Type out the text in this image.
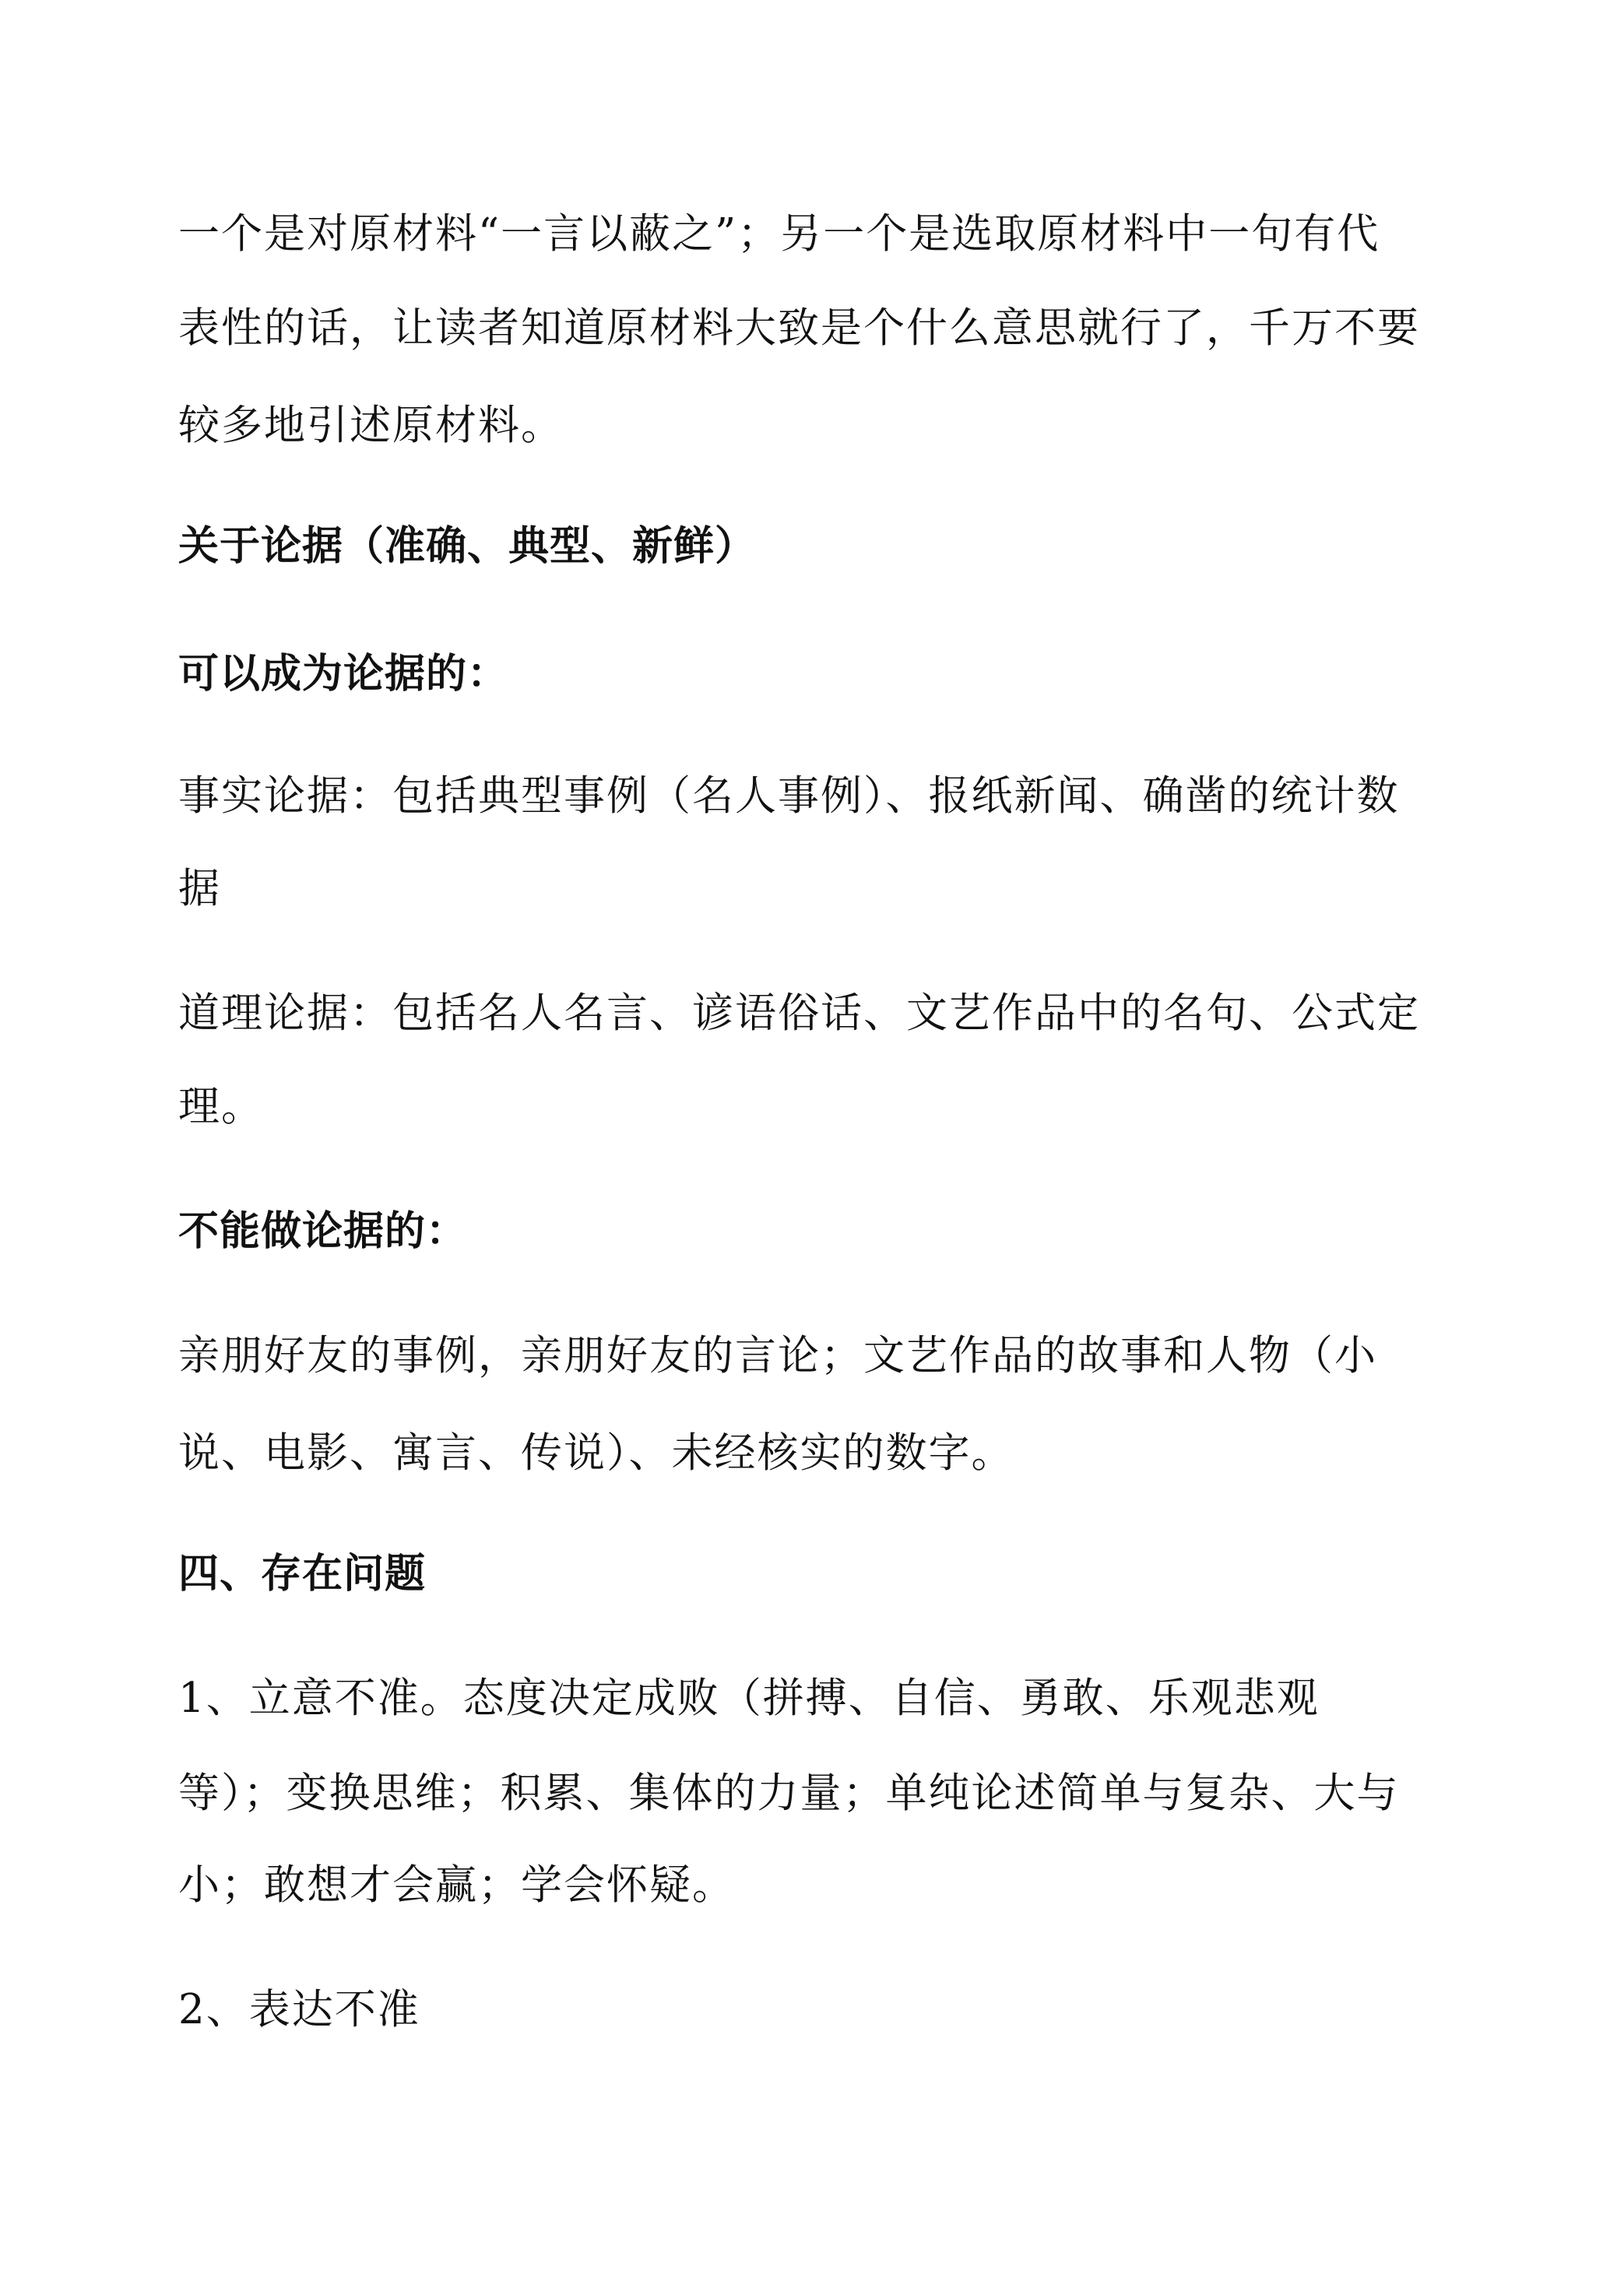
一个是对原材料“一言以蔽之”；另一个是选取原材料中一句有代
表性的话，让读者知道原材料大致是个什么意思就行了，千万不要
较多地引述原材料。
关于论据（准确、典型、新鲜）
可以成为论据的：
事实论据：包括典型事例（名人事例）、报纸新闻、确凿的统计数
据
道理论据：包括名人名言、谚语俗话、文艺作品中的名句、公式定
理。
不能做论据的：
亲朋好友的事例，亲朋好友的言论；文艺作品的故事和人物（小
说、电影、寓言、传说）、未经核实的数字。
四、存在问题
1、立意不准。态度决定成败（拼搏、自信、勇敢、乐观悲观
等）；变换思维；积累、集体的力量；单纯论述简单与复杂、大与
小；敢想才会赢；学会怀疑。
2、表达不准
